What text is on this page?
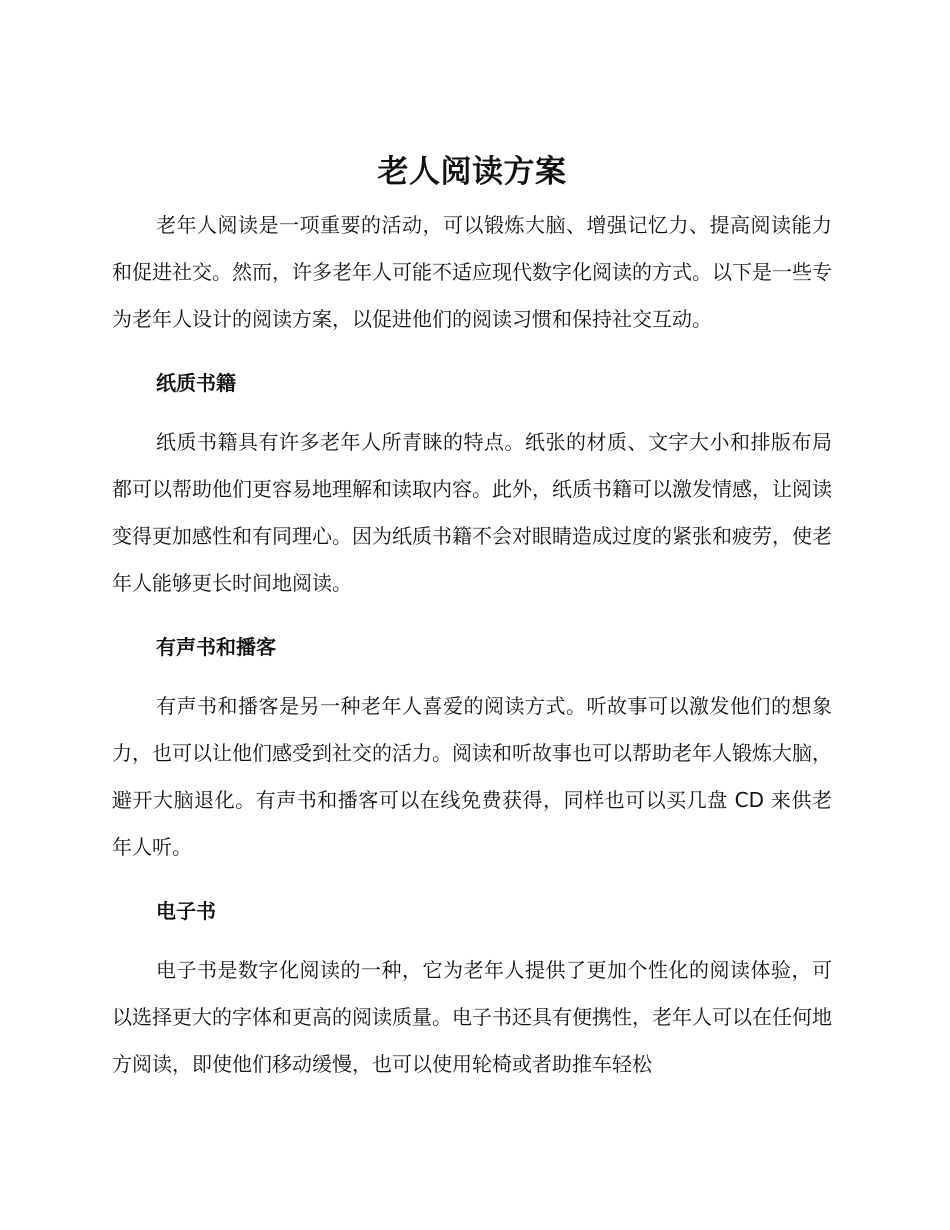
老人阅读方案

老年人阅读是一项重要的活动，可以锻炼大脑、增强记忆力、提高阅读能力和促进社交。然而，许多老年人可能不适应现代数字化阅读的方式。以下是一些专为老年人设计的阅读方案，以促进他们的阅读习惯和保持社交互动。

纸质书籍

纸质书籍具有许多老年人所青睐的特点。纸张的材质、文字大小和排版布局都可以帮助他们更容易地理解和读取内容。此外，纸质书籍可以激发情感，让阅读变得更加感性和有同理心。因为纸质书籍不会对眼睛造成过度的紧张和疲劳，使老年人能够更长时间地阅读。

有声书和播客

有声书和播客是另一种老年人喜爱的阅读方式。听故事可以激发他们的想象力，也可以让他们感受到社交的活力。阅读和听故事也可以帮助老年人锻炼大脑，避开大脑退化。有声书和播客可以在线免费获得，同样也可以买几盘 CD 来供老年人听。

电子书

电子书是数字化阅读的一种，它为老年人提供了更加个性化的阅读体验，可以选择更大的字体和更高的阅读质量。电子书还具有便携性，老年人可以在任何地方阅读，即使他们移动缓慢，也可以使用轮椅或者助推车轻松
